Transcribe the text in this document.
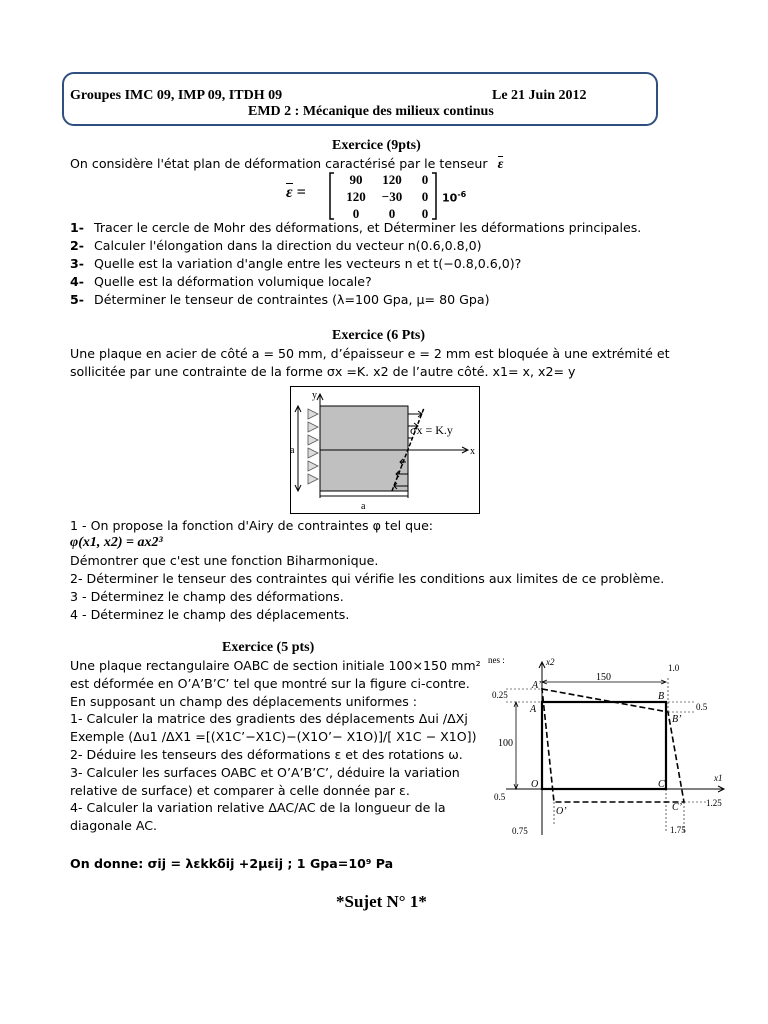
Groupes IMC 09, IMP 09, ITDH 09	Le 21 Juin 2012
EMD 2 : Mécanique des milieux continus
Exercice (9pts)
On considère l'état plan de déformation caractérisé par le tenseur ε
ε =
90 120 0
120 −30 0
0 0 0
$10^{-6}$
1- Tracer le cercle de Mohr des déformations, et Déterminer les déformations principales.
2- Calculer l'élongation dans la direction du vecteur n(0.6,0.8,0)
3- Quelle est la variation d'angle entre les vecteurs n et t(−0.8,0.6,0)?
4- Quelle est la déformation volumique locale?
5- Déterminer le tenseur de contraintes (λ=100 Gpa, μ= 80 Gpa)
Exercice (6 Pts)
Une plaque en acier de côté a = 50 mm, d’épaisseur e = 2 mm est bloquée à une extrémité et
sollicitée par une contrainte de la forme σx =K. x2 de l’autre côté. x1= x, x2= y
y
x
a
a
σx = K.y
1 - On propose la fonction d'Airy de contraintes φ tel que:
φ(x1, x2) = ax2³
Démontrer que c'est une fonction Biharmonique.
2- Déterminer le tenseur des contraintes qui vérifie les conditions aux limites de ce problème.
3 - Déterminez le champ des déformations.
4 - Déterminez le champ des déplacements.
Exercice (5 pts)
Une plaque rectangulaire OABC de section initiale 100×150 mm²
est déformée en O’A’B’C’ tel que montré sur la figure ci-contre.
En supposant un champ des déplacements uniformes :
1- Calculer la matrice des gradients des déplacements Δui /ΔXj
Exemple (Δu1 /ΔX1 =[(X1C’−X1C)−(X1O’− X1O)]/[ X1C − X1O])
2- Déduire les tenseurs des déformations ε et des rotations ω.
3- Calculer les surfaces OABC et O’A’B’C’, déduire la variation
relative de surface) et comparer à celle donnée par ε.
4- Calculer la variation relative ΔAC/AC de la longueur de la
diagonale AC.
On donne: σij = λεkkδij +2μεij ; 1 Gpa=10⁹ Pa
nes :
0.75	1.75
1.0
0.25
0.5
0.5
1.25
150
100
x2
x1
A’
A
B
B’
C
C’
O
O’
*Sujet N° 1*
